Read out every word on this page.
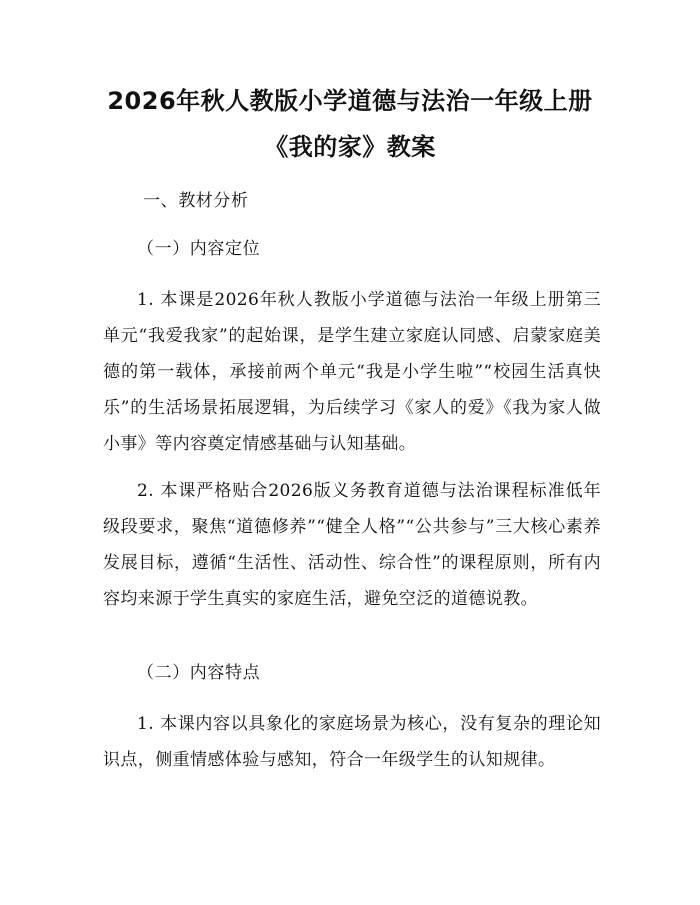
2026年秋人教版小学道德与法治一年级上册
《我的家》教案
一、教材分析
（一）内容定位
1. 本课是2026年秋人教版小学道德与法治一年级上册第三单元“我爱我家”的起始课，是学生建立家庭认同感、启蒙家庭美德的第一载体，承接前两个单元“我是小学生啦”“校园生活真快乐”的生活场景拓展逻辑，为后续学习《家人的爱》《我为家人做小事》等内容奠定情感基础与认知基础。
2. 本课严格贴合2026版义务教育道德与法治课程标准低年级段要求，聚焦“道德修养”“健全人格”“公共参与”三大核心素养发展目标，遵循“生活性、活动性、综合性”的课程原则，所有内容均来源于学生真实的家庭生活，避免空泛的道德说教。
（二）内容特点
1. 本课内容以具象化的家庭场景为核心，没有复杂的理论知识点，侧重情感体验与感知，符合一年级学生的认知规律。
